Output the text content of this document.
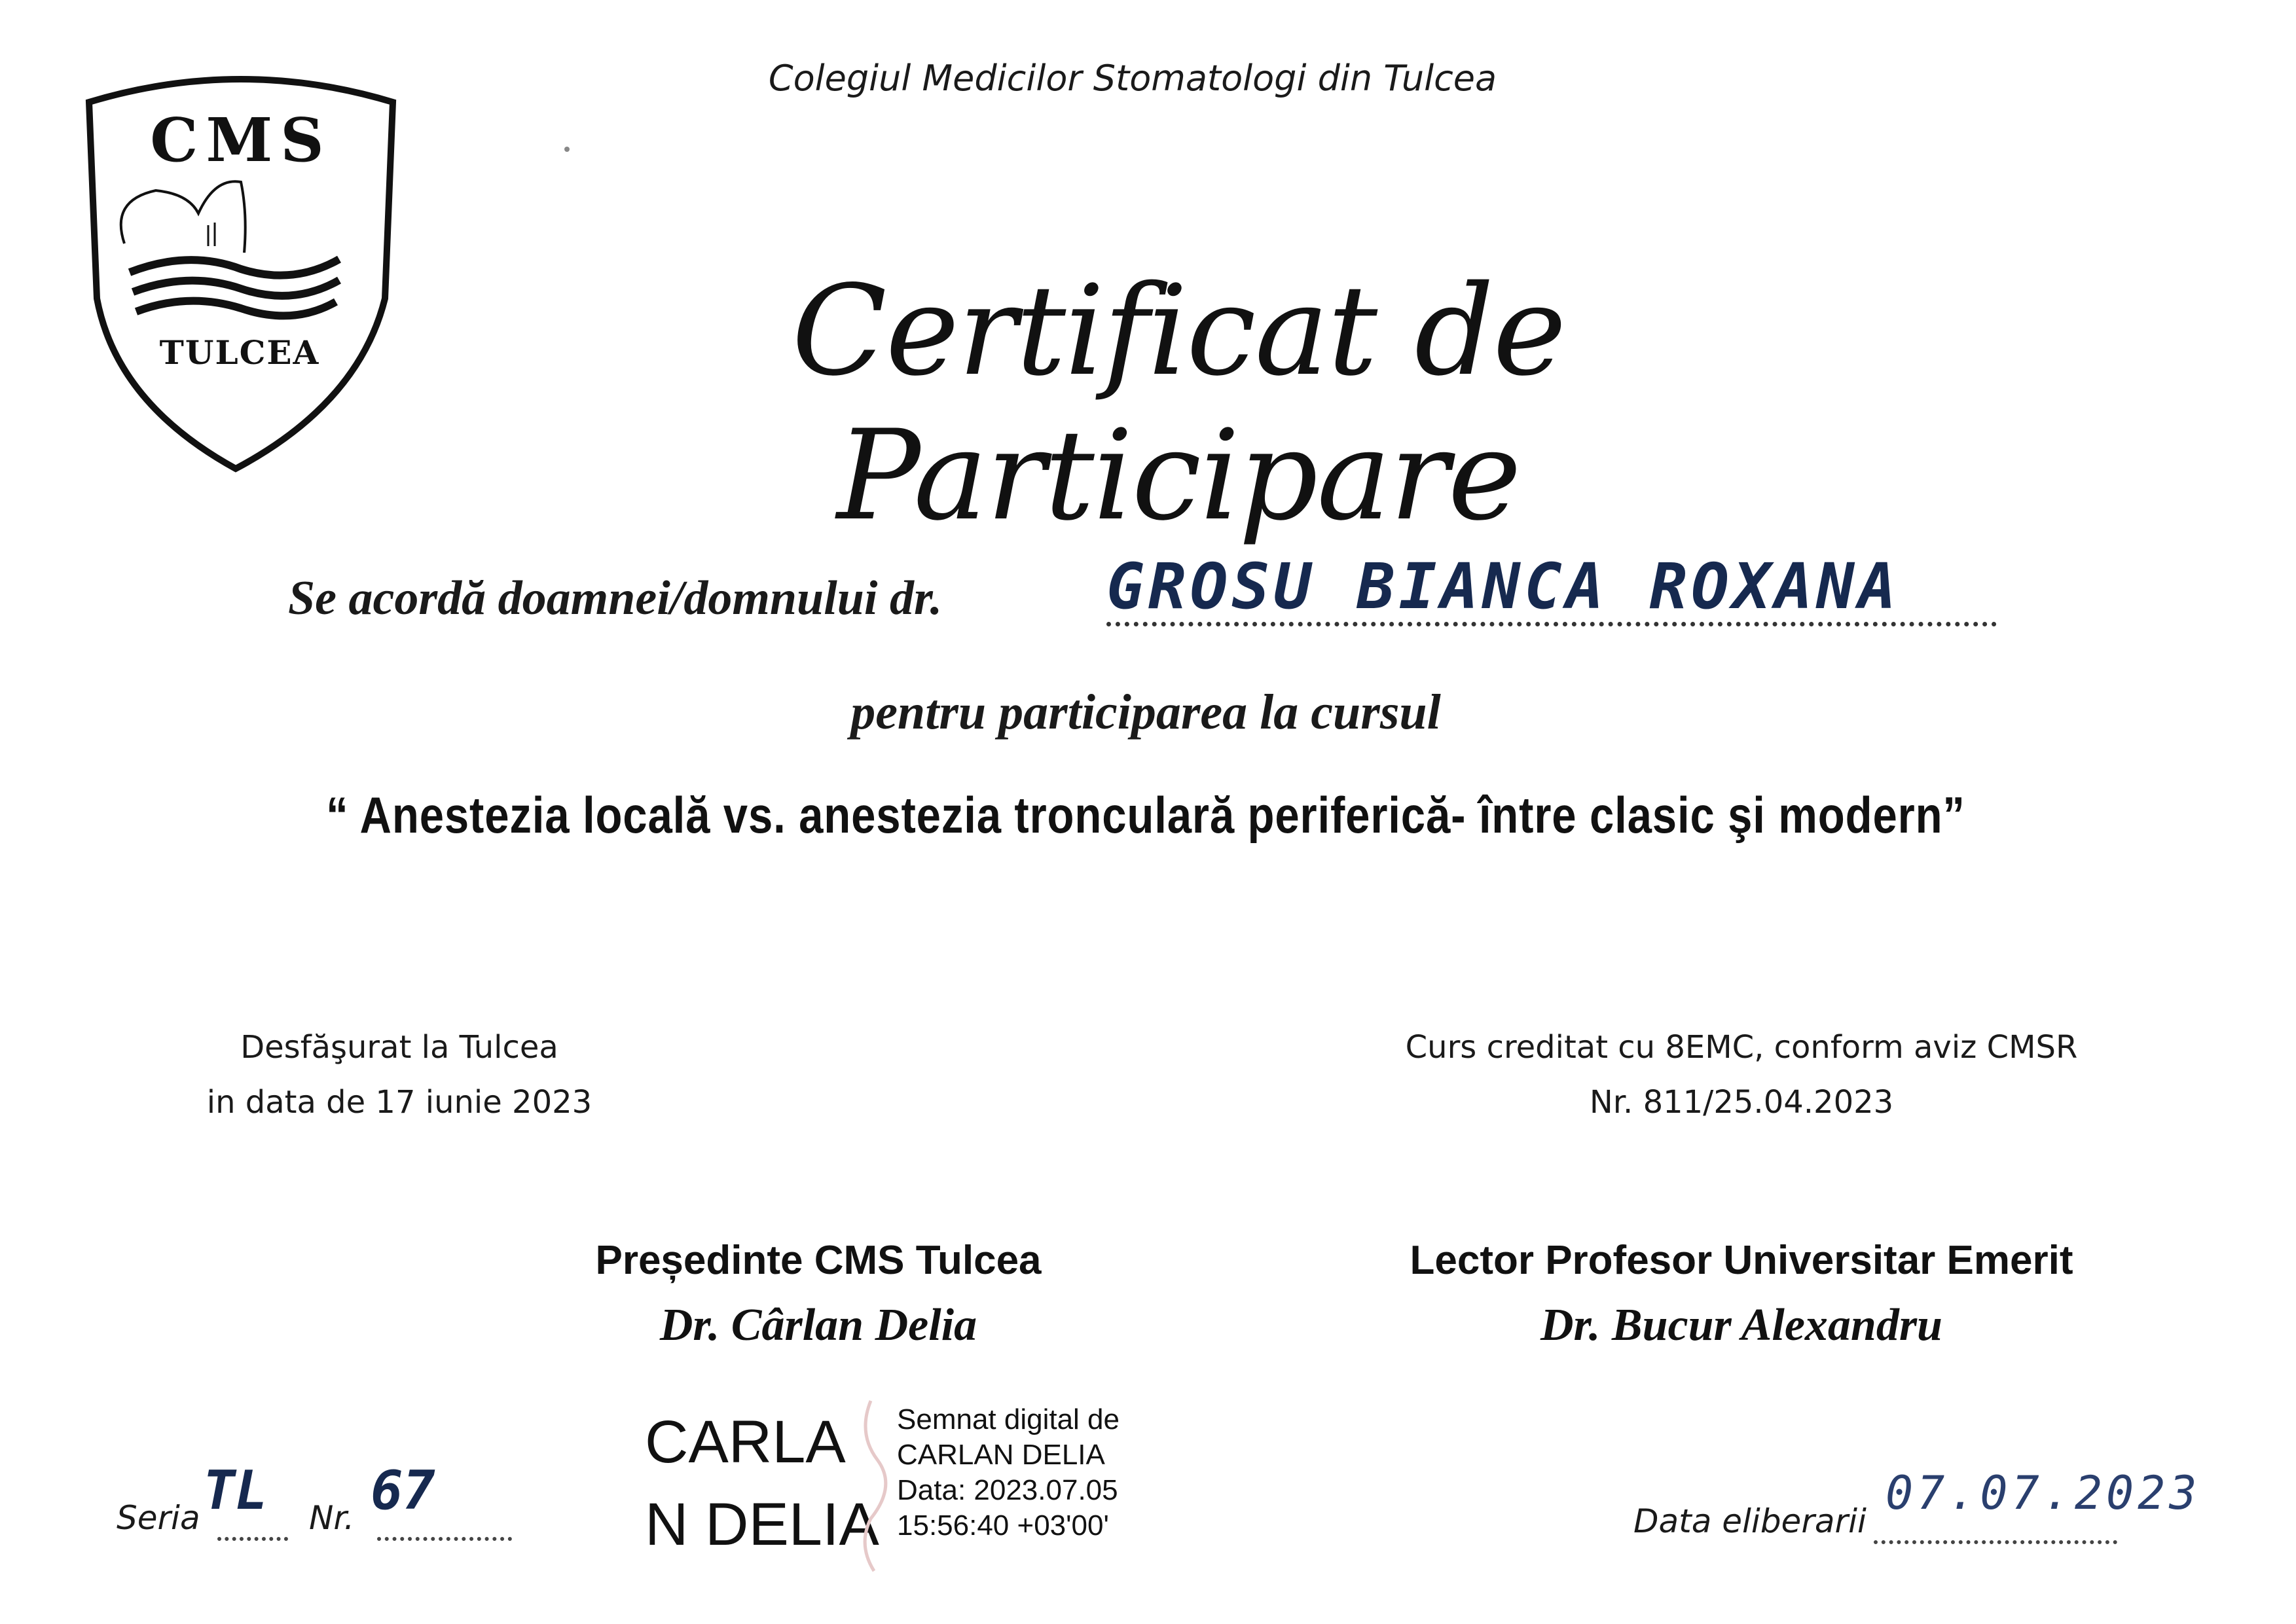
Colegiul Medicilor Stomatologi din Tulcea
CMS
TULCEA	Certificat de Participare
Se acordă doamnei/domnului dr.	GROSU BIANCA ROXANA
pentru participarea la cursul
“ Anestezia locală vs. anestezia tronculară periferică- între clasic şi modern”
Desfăşurat la Tulcea
in data de 17 iunie 2023
Curs creditat cu 8EMC, conform aviz CMSR
Nr. 811/25.04.2023
Președinte CMS Tulcea
Dr. Cârlan Delia
Lector Profesor Universitar Emerit
Dr. Bucur Alexandru
CARLA
N DELIA
Semnat digital de
CARLAN DELIA
Data: 2023.07.05
15:56:40 +03'00'
Seria TL Nr. 67	Data eliberarii
07.07.2023
